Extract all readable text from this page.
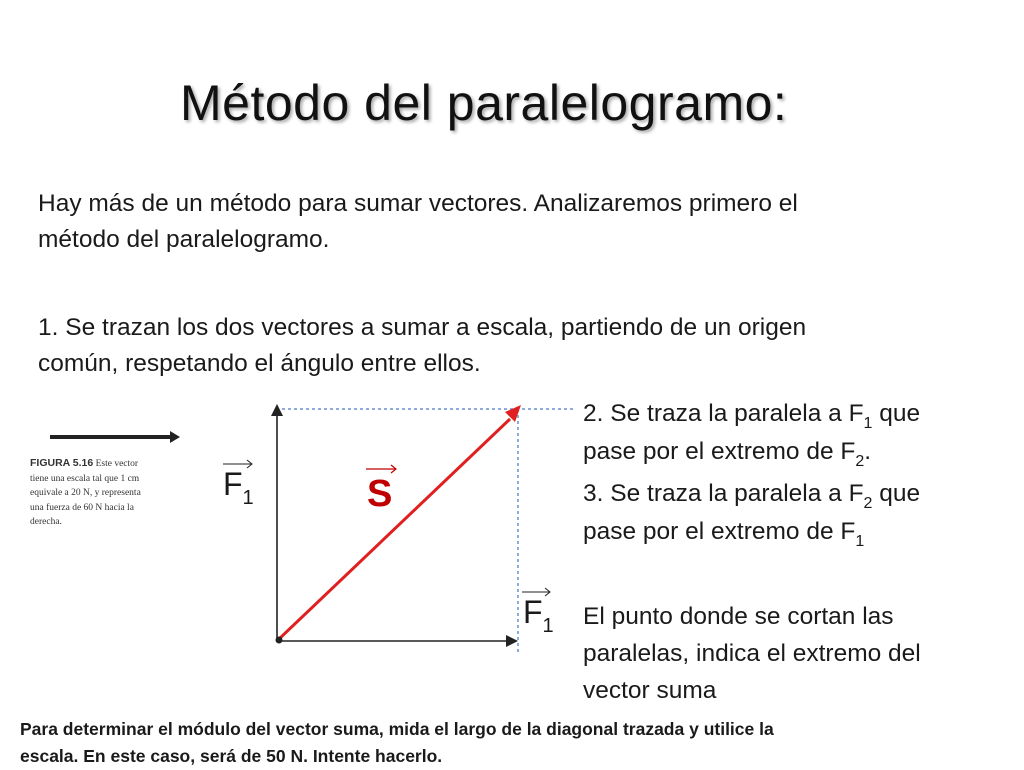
Método del paralelogramo:
Hay más de un método para sumar vectores. Analizaremos primero el
método del paralelogramo.
1. Se trazan los dos vectores a sumar a escala, partiendo de un origen
común, respetando el ángulo entre ellos.
FIGURA 5.16 Este vector
tiene una escala tal que 1 cm
equivale a 20 N, y representa
una fuerza de 60 N hacia la
derecha.
$F_1$	S
$F_1$
2. Se traza la paralela a $F_1$ que
pase por el extremo de $F_2$.
3. Se traza la paralela a $F_2$ que
pase por el extremo de $F_1$
El punto donde se cortan las
paralelas, indica el extremo del
vector suma
Para determinar el módulo del vector suma, mida el largo de la diagonal trazada y utilice la
escala. En este caso, será de 50 N. Intente hacerlo.
